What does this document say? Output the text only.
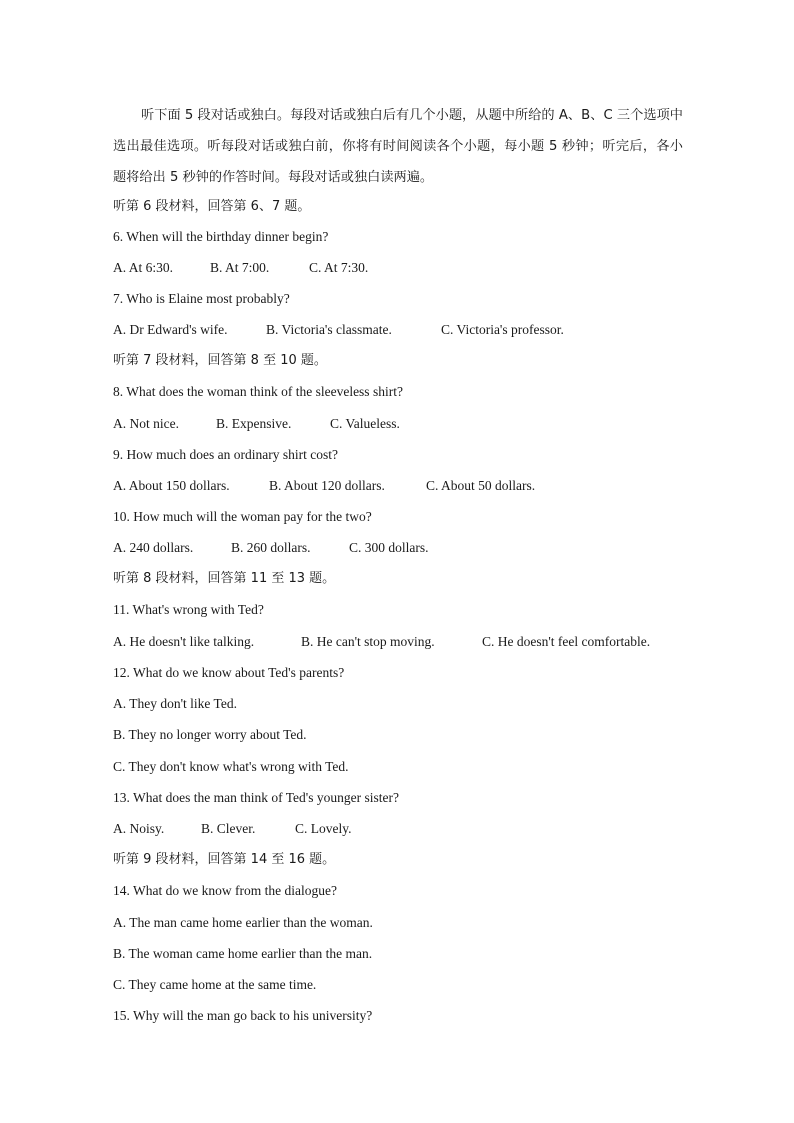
听下面 5 段对话或独白。每段对话或独白后有几个小题，从题中所给的 A、B、C 三个选项中选出最佳选项。听每段对话或独白前，你将有时间阅读各个小题，每小题 5 秒钟；听完后，各小题将给出 5 秒钟的作答时间。每段对话或独白读两遍。
听第 6 段材料，回答第 6、7 题。
6. When will the birthday dinner begin?
A. At 6:30.	B. At 7:00.	C. At 7:30.
7. Who is Elaine most probably?
A. Dr Edward's wife.	B. Victoria's classmate.	C. Victoria's professor.
听第 7 段材料，回答第 8 至 10 题。
8. What does the woman think of the sleeveless shirt?
A. Not nice.	B. Expensive.	C. Valueless.
9. How much does an ordinary shirt cost?
A. About 150 dollars.	B. About 120 dollars.	C. About 50 dollars.
10. How much will the woman pay for the two?
A. 240 dollars.	B. 260 dollars.	C. 300 dollars.
听第 8 段材料，回答第 11 至 13 题。
11. What's wrong with Ted?
A. He doesn't like talking.	B. He can't stop moving.	C. He doesn't feel comfortable.
12. What do we know about Ted's parents?
A. They don't like Ted.
B. They no longer worry about Ted.
C. They don't know what's wrong with Ted.
13. What does the man think of Ted's younger sister?
A. Noisy.	B. Clever.	C. Lovely.
听第 9 段材料，回答第 14 至 16 题。
14. What do we know from the dialogue?
A. The man came home earlier than the woman.
B. The woman came home earlier than the man.
C. They came home at the same time.
15. Why will the man go back to his university?
